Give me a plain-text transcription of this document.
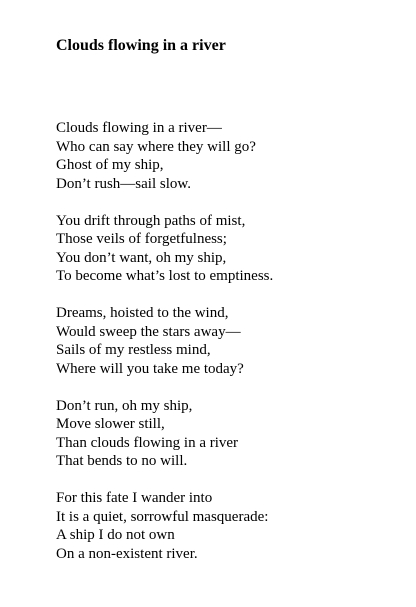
Clouds flowing in a river
Clouds flowing in a river—
Who can say where they will go?
Ghost of my ship,
Don’t rush—sail slow.
You drift through paths of mist,
Those veils of forgetfulness;
You don’t want, oh my ship,
To become what’s lost to emptiness.
Dreams, hoisted to the wind,
Would sweep the stars away—
Sails of my restless mind,
Where will you take me today?
Don’t run, oh my ship,
Move slower still,
Than clouds flowing in a river
That bends to no will.
For this fate I wander into
It is a quiet, sorrowful masquerade:
A ship I do not own
On a non-existent river.
